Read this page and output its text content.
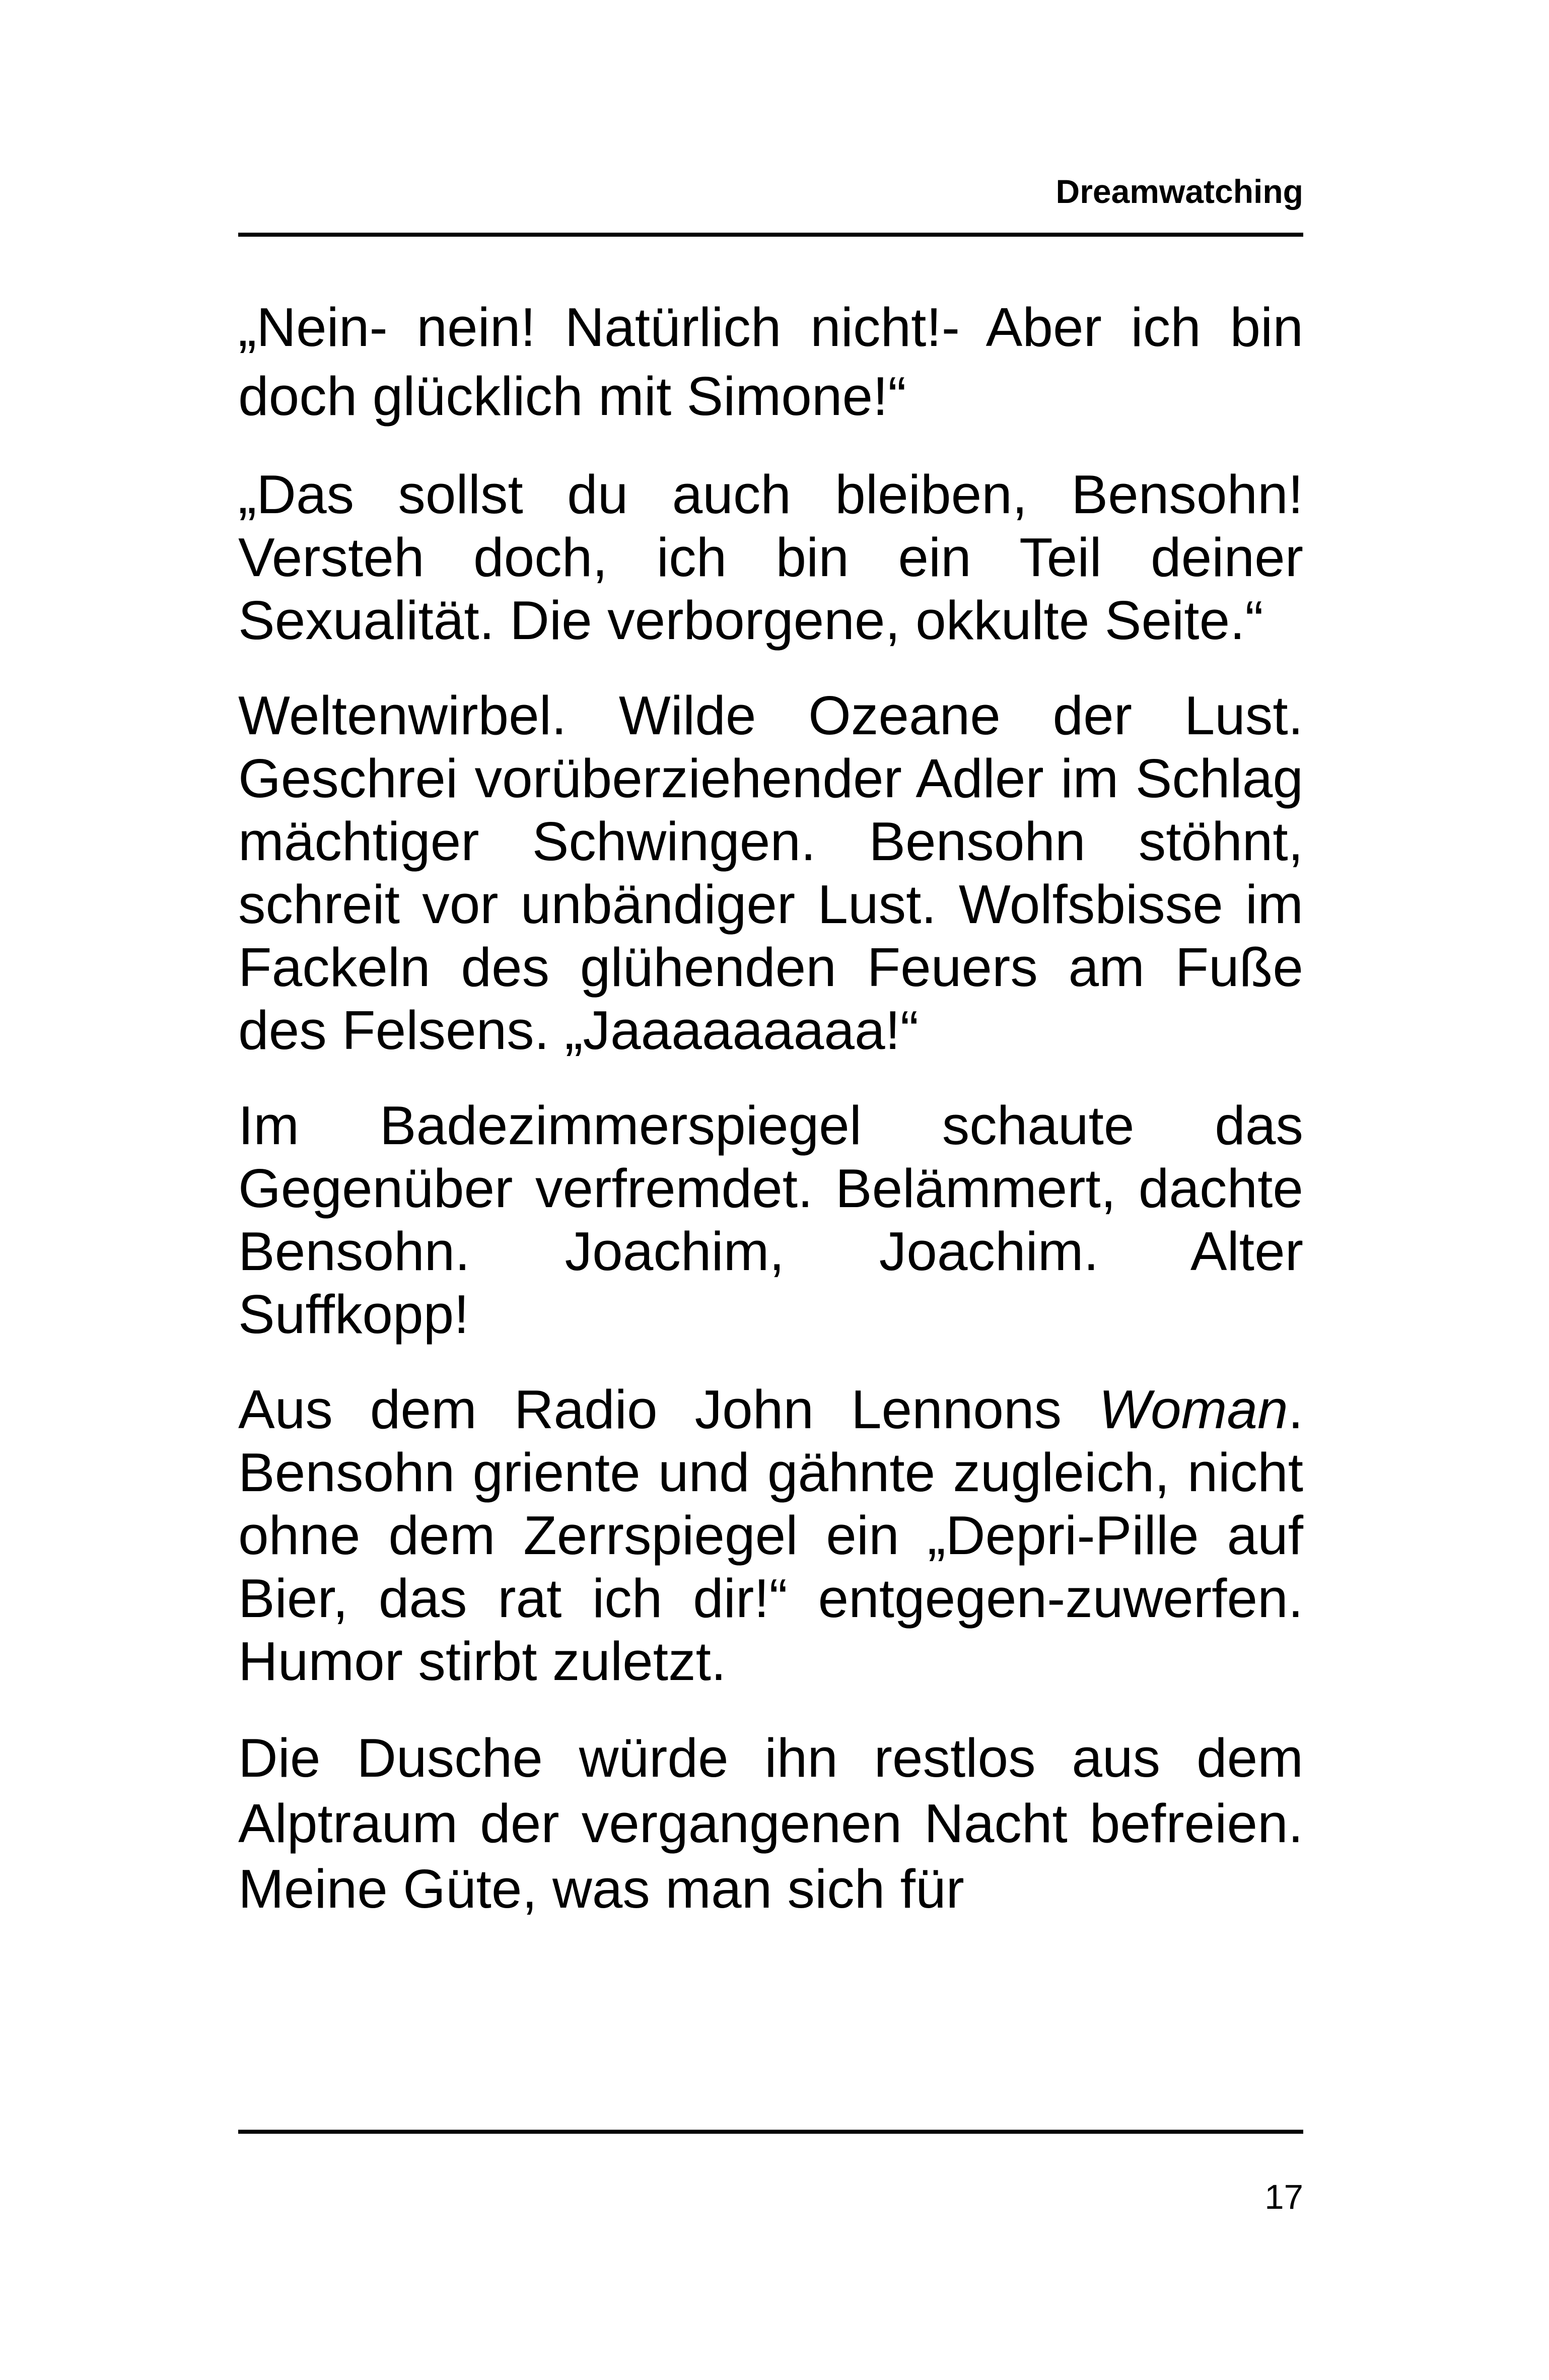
Dreamwatching

„Nein- nein! Natürlich nicht!- Aber ich bin doch glücklich mit Simone!“

„Das sollst du auch bleiben, Bensohn! Versteh doch, ich bin ein Teil deiner Sexualität. Die verborgene, okkulte Seite.“

Weltenwirbel. Wilde Ozeane der Lust. Geschrei vorüberziehender Adler im Schlag mächtiger Schwingen. Bensohn stöhnt, schreit vor unbändiger Lust. Wolfsbisse im Fackeln des glühenden Feuers am Fuße des Felsens. „Jaaaaaaaaa!“

Im Badezimmerspiegel schaute das Gegenüber verfremdet. Belämmert, dachte Bensohn. Joachim, Joachim. Alter Suffkopp!

Aus dem Radio John Lennons Woman. Bensohn griente und gähnte zugleich, nicht ohne dem Zerrspiegel ein „Depri-Pille auf Bier, das rat ich dir!“ entgegen-zuwerfen. Humor stirbt zuletzt.

Die Dusche würde ihn restlos aus dem Alptraum der vergangenen Nacht befreien. Meine Güte, was man sich für

17
